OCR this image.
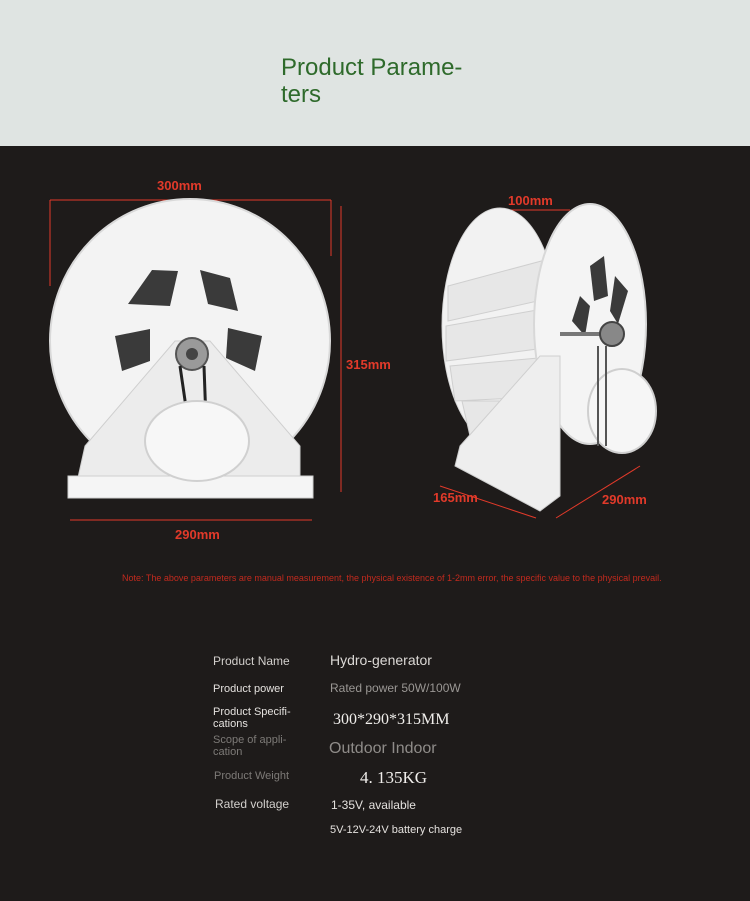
Product Parame-
ters
300mm
315mm
290mm
100mm
165mm	290mm
Note: The above parameters are manual measurement, the physical existence of 1-2mm error, the specific value to the physical prevail.
Product Name	Hydro-generator
Product power	Rated power 50W/100W
Product Specifi-
cations	300*290*315MM
Scope of appli-
cation	Outdoor Indoor
Product Weight	4. 135KG
Rated voltage	1-35V, available
5V-12V-24V battery charge
